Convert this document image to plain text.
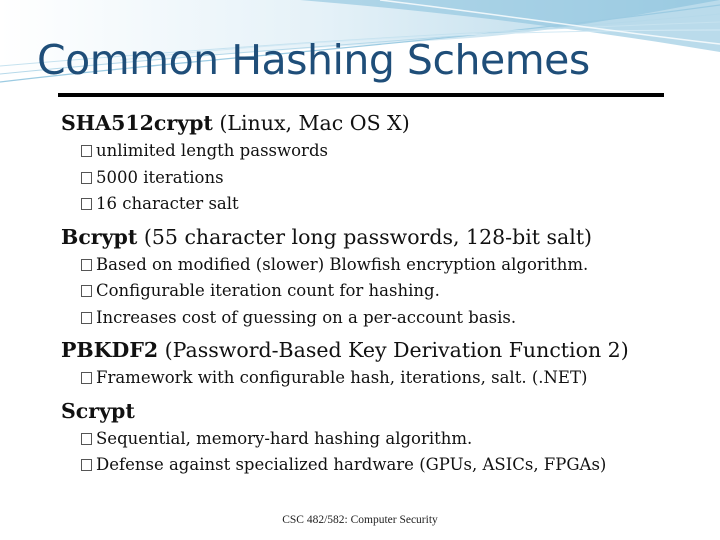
Common Hashing Schemes

SHA512crypt (Linux, Mac OS X)

unlimited length passwords

5000 iterations

16 character salt

Bcrypt (55 character long passwords, 128-bit salt)

Based on modified (slower) Blowfish encryption algorithm.

Configurable iteration count for hashing.

Increases cost of guessing on a per-account basis.

PBKDF2 (Password-Based Key Derivation Function 2)

Framework with configurable hash, iterations, salt. (.NET)

Scrypt

Sequential, memory-hard hashing algorithm.

Defense against specialized hardware (GPUs, ASICs, FPGAs)

CSC 482/582: Computer Security
